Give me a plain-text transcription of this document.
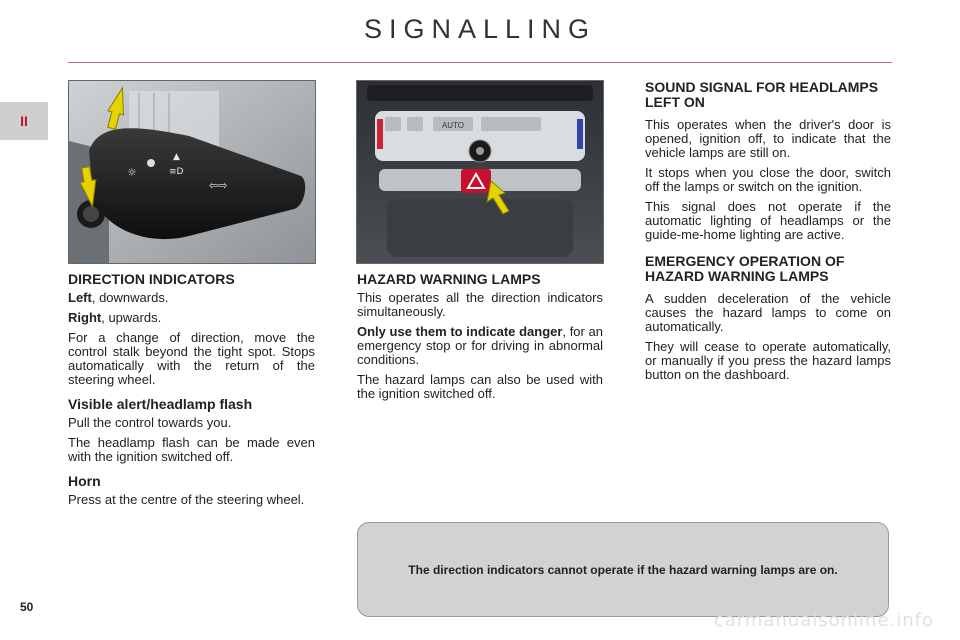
SIGNALLING
II
50
☼
▲
≡D
⇦⇨
AUTO
DIRECTION INDICATORS

Left, downwards.

Right, upwards.

For a change of direction, move the control stalk beyond the tight spot. Stops automatically with the return of the steering wheel.

Visible alert/headlamp flash

Pull the control towards you.

The headlamp flash can be made even with the ignition switched off.

Horn

Press at the centre of the steering wheel.

HAZARD WARNING LAMPS

This operates all the direction indicators simultaneously.

Only use them to indicate danger, for an emergency stop or for driving in abnormal conditions.

The hazard lamps can also be used with the ignition switched off.

SOUND SIGNAL FOR HEADLAMPS LEFT ON

This operates when the driver's door is opened, ignition off, to indicate that the vehicle lamps are still on.

It stops when you close the door, switch off the lamps or switch on the ignition.

This signal does not operate if the automatic lighting of headlamps or the guide-me-home lighting are active.

EMERGENCY OPERATION OF HAZARD WARNING LAMPS

A sudden deceleration of the vehicle causes the hazard lamps to come on automatically.

They will cease to operate automatically, or manually if you press the hazard lamps button on the dashboard.

The direction indicators cannot operate if the hazard warning lamps are on.
carmanualsonline.info
